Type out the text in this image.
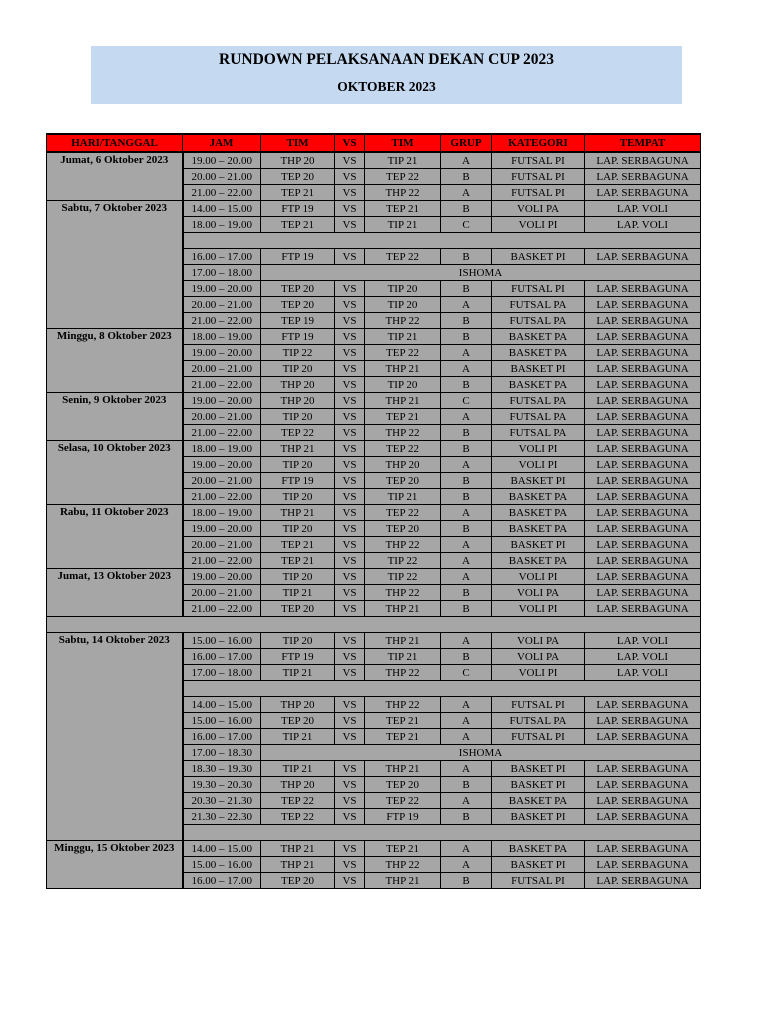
RUNDOWN PELAKSANAAN DEKAN CUP 2023
OKTOBER 2023
HARI/TANGGAL	JAM	TIM	VS	TIM	GRUP	KATEGORI	TEMPAT
Jumat, 6 Oktober 2023	19.00 – 20.00	THP 20	VS	TIP 21	A	FUTSAL PI	LAP. SERBAGUNA
	20.00 – 21.00	TEP 20	VS	TEP 22	B	FUTSAL PI	LAP. SERBAGUNA
	21.00 – 22.00	TEP 21	VS	THP 22	A	FUTSAL PI	LAP. SERBAGUNA
Sabtu, 7 Oktober 2023	14.00 – 15.00	FTP 19	VS	TEP 21	B	VOLI PA	LAP. VOLI
	18.00 – 19.00	TEP 21	VS	TIP 21	C	VOLI PI	LAP. VOLI

	16.00 – 17.00	FTP 19	VS	TEP 22	B	BASKET PI	LAP. SERBAGUNA
	17.00 – 18.00	ISHOMA					
	19.00 – 20.00	TEP 20	VS	TIP 20	B	FUTSAL PI	LAP. SERBAGUNA
	20.00 – 21.00	TEP 20	VS	TIP 20	A	FUTSAL PA	LAP. SERBAGUNA
	21.00 – 22.00	TEP 19	VS	THP 22	B	FUTSAL PA	LAP. SERBAGUNA
Minggu, 8 Oktober 2023	18.00 – 19.00	FTP 19	VS	TIP 21	B	BASKET PA	LAP. SERBAGUNA
	19.00 – 20.00	TIP 22	VS	TEP 22	A	BASKET PA	LAP. SERBAGUNA
	20.00 – 21.00	TIP 20	VS	THP 21	A	BASKET PI	LAP. SERBAGUNA
	21.00 – 22.00	THP 20	VS	TIP 20	B	BASKET PA	LAP. SERBAGUNA
Senin, 9 Oktober 2023	19.00 – 20.00	THP 20	VS	THP 21	C	FUTSAL PA	LAP. SERBAGUNA
	20.00 – 21.00	TIP 20	VS	TEP 21	A	FUTSAL PA	LAP. SERBAGUNA
	21.00 – 22.00	TEP 22	VS	THP 22	B	FUTSAL PA	LAP. SERBAGUNA
Selasa, 10 Oktober 2023	18.00 – 19.00	THP 21	VS	TEP 22	B	VOLI PI	LAP. SERBAGUNA
	19.00 – 20.00	TIP 20	VS	THP 20	A	VOLI PI	LAP. SERBAGUNA
	20.00 – 21.00	FTP 19	VS	TEP 20	B	BASKET PI	LAP. SERBAGUNA
	21.00 – 22.00	TIP 20	VS	TIP 21	B	BASKET PA	LAP. SERBAGUNA
Rabu, 11 Oktober 2023	18.00 – 19.00	THP 21	VS	TEP 22	A	BASKET PA	LAP. SERBAGUNA
	19.00 – 20.00	TIP 20	VS	TEP 20	B	BASKET PA	LAP. SERBAGUNA
	20.00 – 21.00	TEP 21	VS	THP 22	A	BASKET PI	LAP. SERBAGUNA
	21.00 – 22.00	TEP 21	VS	TIP 22	A	BASKET PA	LAP. SERBAGUNA
Jumat, 13 Oktober 2023	19.00 – 20.00	TIP 20	VS	TIP 22	A	VOLI PI	LAP. SERBAGUNA
	20.00 – 21.00	TIP 21	VS	THP 22	B	VOLI PA	LAP. SERBAGUNA
	21.00 – 22.00	TEP 20	VS	THP 21	B	VOLI PI	LAP. SERBAGUNA

Sabtu, 14 Oktober 2023	15.00 – 16.00	TIP 20	VS	THP 21	A	VOLI PA	LAP. VOLI
	16.00 – 17.00	FTP 19	VS	TIP 21	B	VOLI PA	LAP. VOLI
	17.00 – 18.00	TIP 21	VS	THP 22	C	VOLI PI	LAP. VOLI

	14.00 – 15.00	THP 20	VS	THP 22	A	FUTSAL PI	LAP. SERBAGUNA
	15.00 – 16.00	TEP 20	VS	TEP 21	A	FUTSAL PA	LAP. SERBAGUNA
	16.00 – 17.00	TIP 21	VS	TEP 21	A	FUTSAL PI	LAP. SERBAGUNA
	17.00 – 18.30	ISHOMA					
	18.30 – 19.30	TIP 21	VS	THP 21	A	BASKET PI	LAP. SERBAGUNA
	19.30 – 20.30	THP 20	VS	TEP 20	B	BASKET PI	LAP. SERBAGUNA
	20.30 – 21.30	TEP 22	VS	TEP 22	A	BASKET PA	LAP. SERBAGUNA
	21.30 – 22.30	TEP 22	VS	FTP 19	B	BASKET PI	LAP. SERBAGUNA

Minggu, 15 Oktober 2023	14.00 – 15.00	THP 21	VS	TEP 21	A	BASKET PA	LAP. SERBAGUNA
	15.00 – 16.00	THP 21	VS	THP 22	A	BASKET PI	LAP. SERBAGUNA
	16.00 – 17.00	TEP 20	VS	THP 21	B	FUTSAL PI	LAP. SERBAGUNA
